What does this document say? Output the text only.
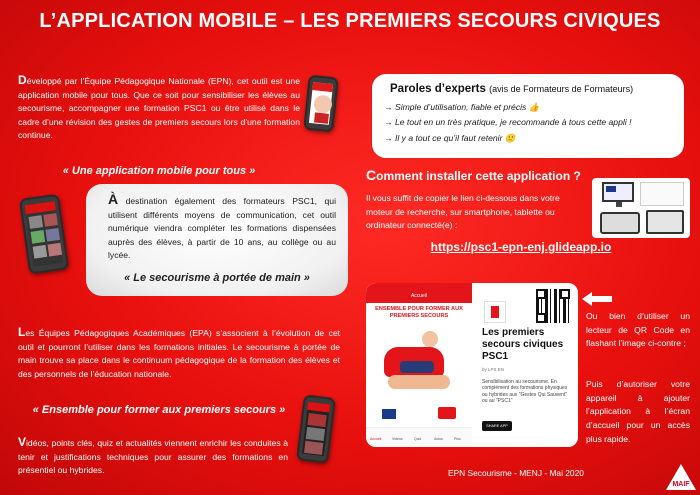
L’APPLICATION MOBILE – LES PREMIERS SECOURS CIVIQUES
Développé par l’Équipe Pédagogique Nationale (EPN), cet outil est une application mobile pour tous. Que ce soit pour sensibiliser les élèves au secourisme, accompagner une formation PSC1 ou être utilisé dans le cadre d’une révision des gestes de premiers secours lors d’une formation continue.
« Une application mobile pour tous »
À destination également des formateurs PSC1, qui utilisent différents moyens de communication, cet outil numérique viendra compléter les formations dispensées auprès des élèves, à partir de 10 ans, au collège ou au lycée.
« Le secourisme à portée de main »
Les Équipes Pédagogiques Académiques (EPA) s’associent à l’évolution de cet outil et pourront l’utiliser dans les formations initiales. Le secourisme à portée de main trouve sa place dans le continuum pédagogique de la formation des élèves et des personnels de l’éducation nationale.
« Ensemble pour former aux premiers secours »
Vidéos, points clés, quiz et actualités viennent enrichir les conduites à tenir et justifications techniques pour assurer des formations en présentiel ou hybrides.
Paroles d’experts (avis de Formateurs de Formateurs)
→ Simple d’utilisation, fiable et précis 👍
→ Le tout en un très pratique, je recommande à tous cette appli !
→ Il y a tout ce qu’il faut retenir 🙂
Comment installer cette application ?
Il vous suffit de copier le lien ci-dessous dans votre moteur de recherche, sur smartphone, tablette ou ordinateur connecté(e) :
https://psc1-epn-enj.glideapp.io
Accueil
ENSEMBLE POUR FORMER AUX PREMIERS SECOURS
Accueil	Vidéos	Quiz	Actus	Plus
Les premiers secours civiques PSC1
by LPS EN
Sensibilisation au secourisme. En complément des formations physiques ou hybrides aux "Gestes Qui Sauvent" ou au "PSC1"
SHARE APP
Ou bien d’utiliser un lecteur de QR Code en flashant l’image ci-contre ;
Puis d’autoriser votre appareil à ajouter l’application à l’écran d’accueil pour un accès plus rapide.
EPN Secourisme - MENJ - Mai 2020
MAIF
